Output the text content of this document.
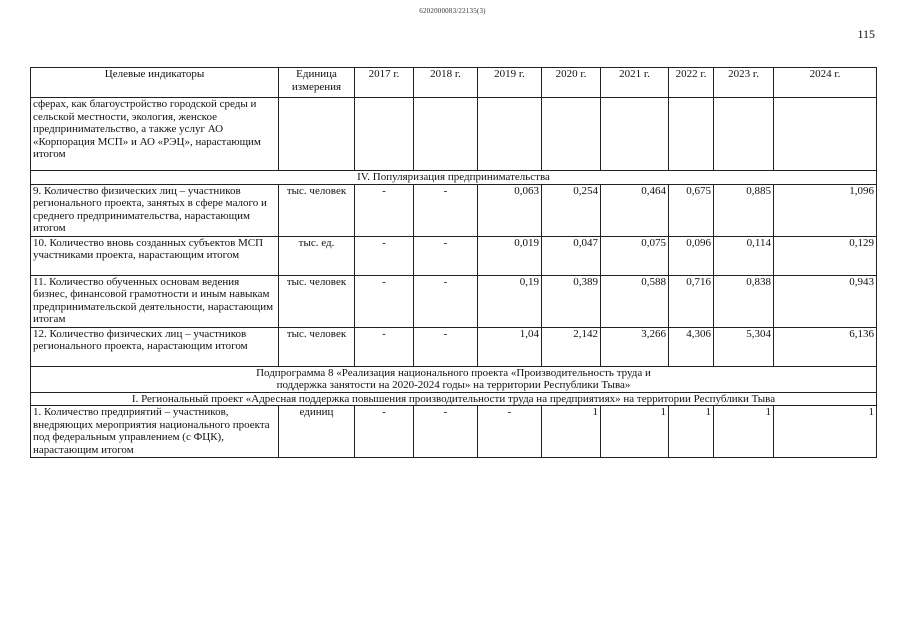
6202000083/22135(3)
115
Целевые индикаторы	Единица измерения	2017 г.	2018 г.	2019 г.	2020 г.	2021 г.	2022 г.	2023 г.	2024 г.
сферах, как благоустройство городской среды и сельской местности, экология, женское предпринимательство, а также услуг АО «Корпорация МСП» и АО «РЭЦ», нарастающим итогом									
IV. Популяризация предпринимательства									
9. Количество физических лиц – участников регионального проекта, занятых в сфере малого и среднего предпринимательства, нарастающим итогом	тыс. человек	-	-	0,063	0,254	0,464	0,675	0,885	1,096
10. Количество вновь созданных субъектов МСП участниками проекта, нарастающим итогом	тыс. ед.	-	-	0,019	0,047	0,075	0,096	0,114	0,129
11. Количество обученных основам ведения бизнес, финансовой грамотности и иным навыкам предпринимательской деятельности, нарастающим итогам	тыс. человек	-	-	0,19	0,389	0,588	0,716	0,838	0,943
12. Количество физических лиц – участников регионального проекта, нарастающим итогом	тыс. человек	-	-	1,04	2,142	3,266	4,306	5,304	6,136
Подпрограмма 8 «Реализация национального проекта «Производительность труда и
поддержка занятости на 2020-2024 годы» на территории Республики Тыва»									
I. Региональный проект «Адресная поддержка повышения производительности труда на предприятиях» на территории Республики Тыва									
1. Количество предприятий – участников, внедряющих мероприятия национального проекта под федеральным управлением (с ФЦК), нарастающим итогом	единиц	-	-	-	1	1	1	1	1
